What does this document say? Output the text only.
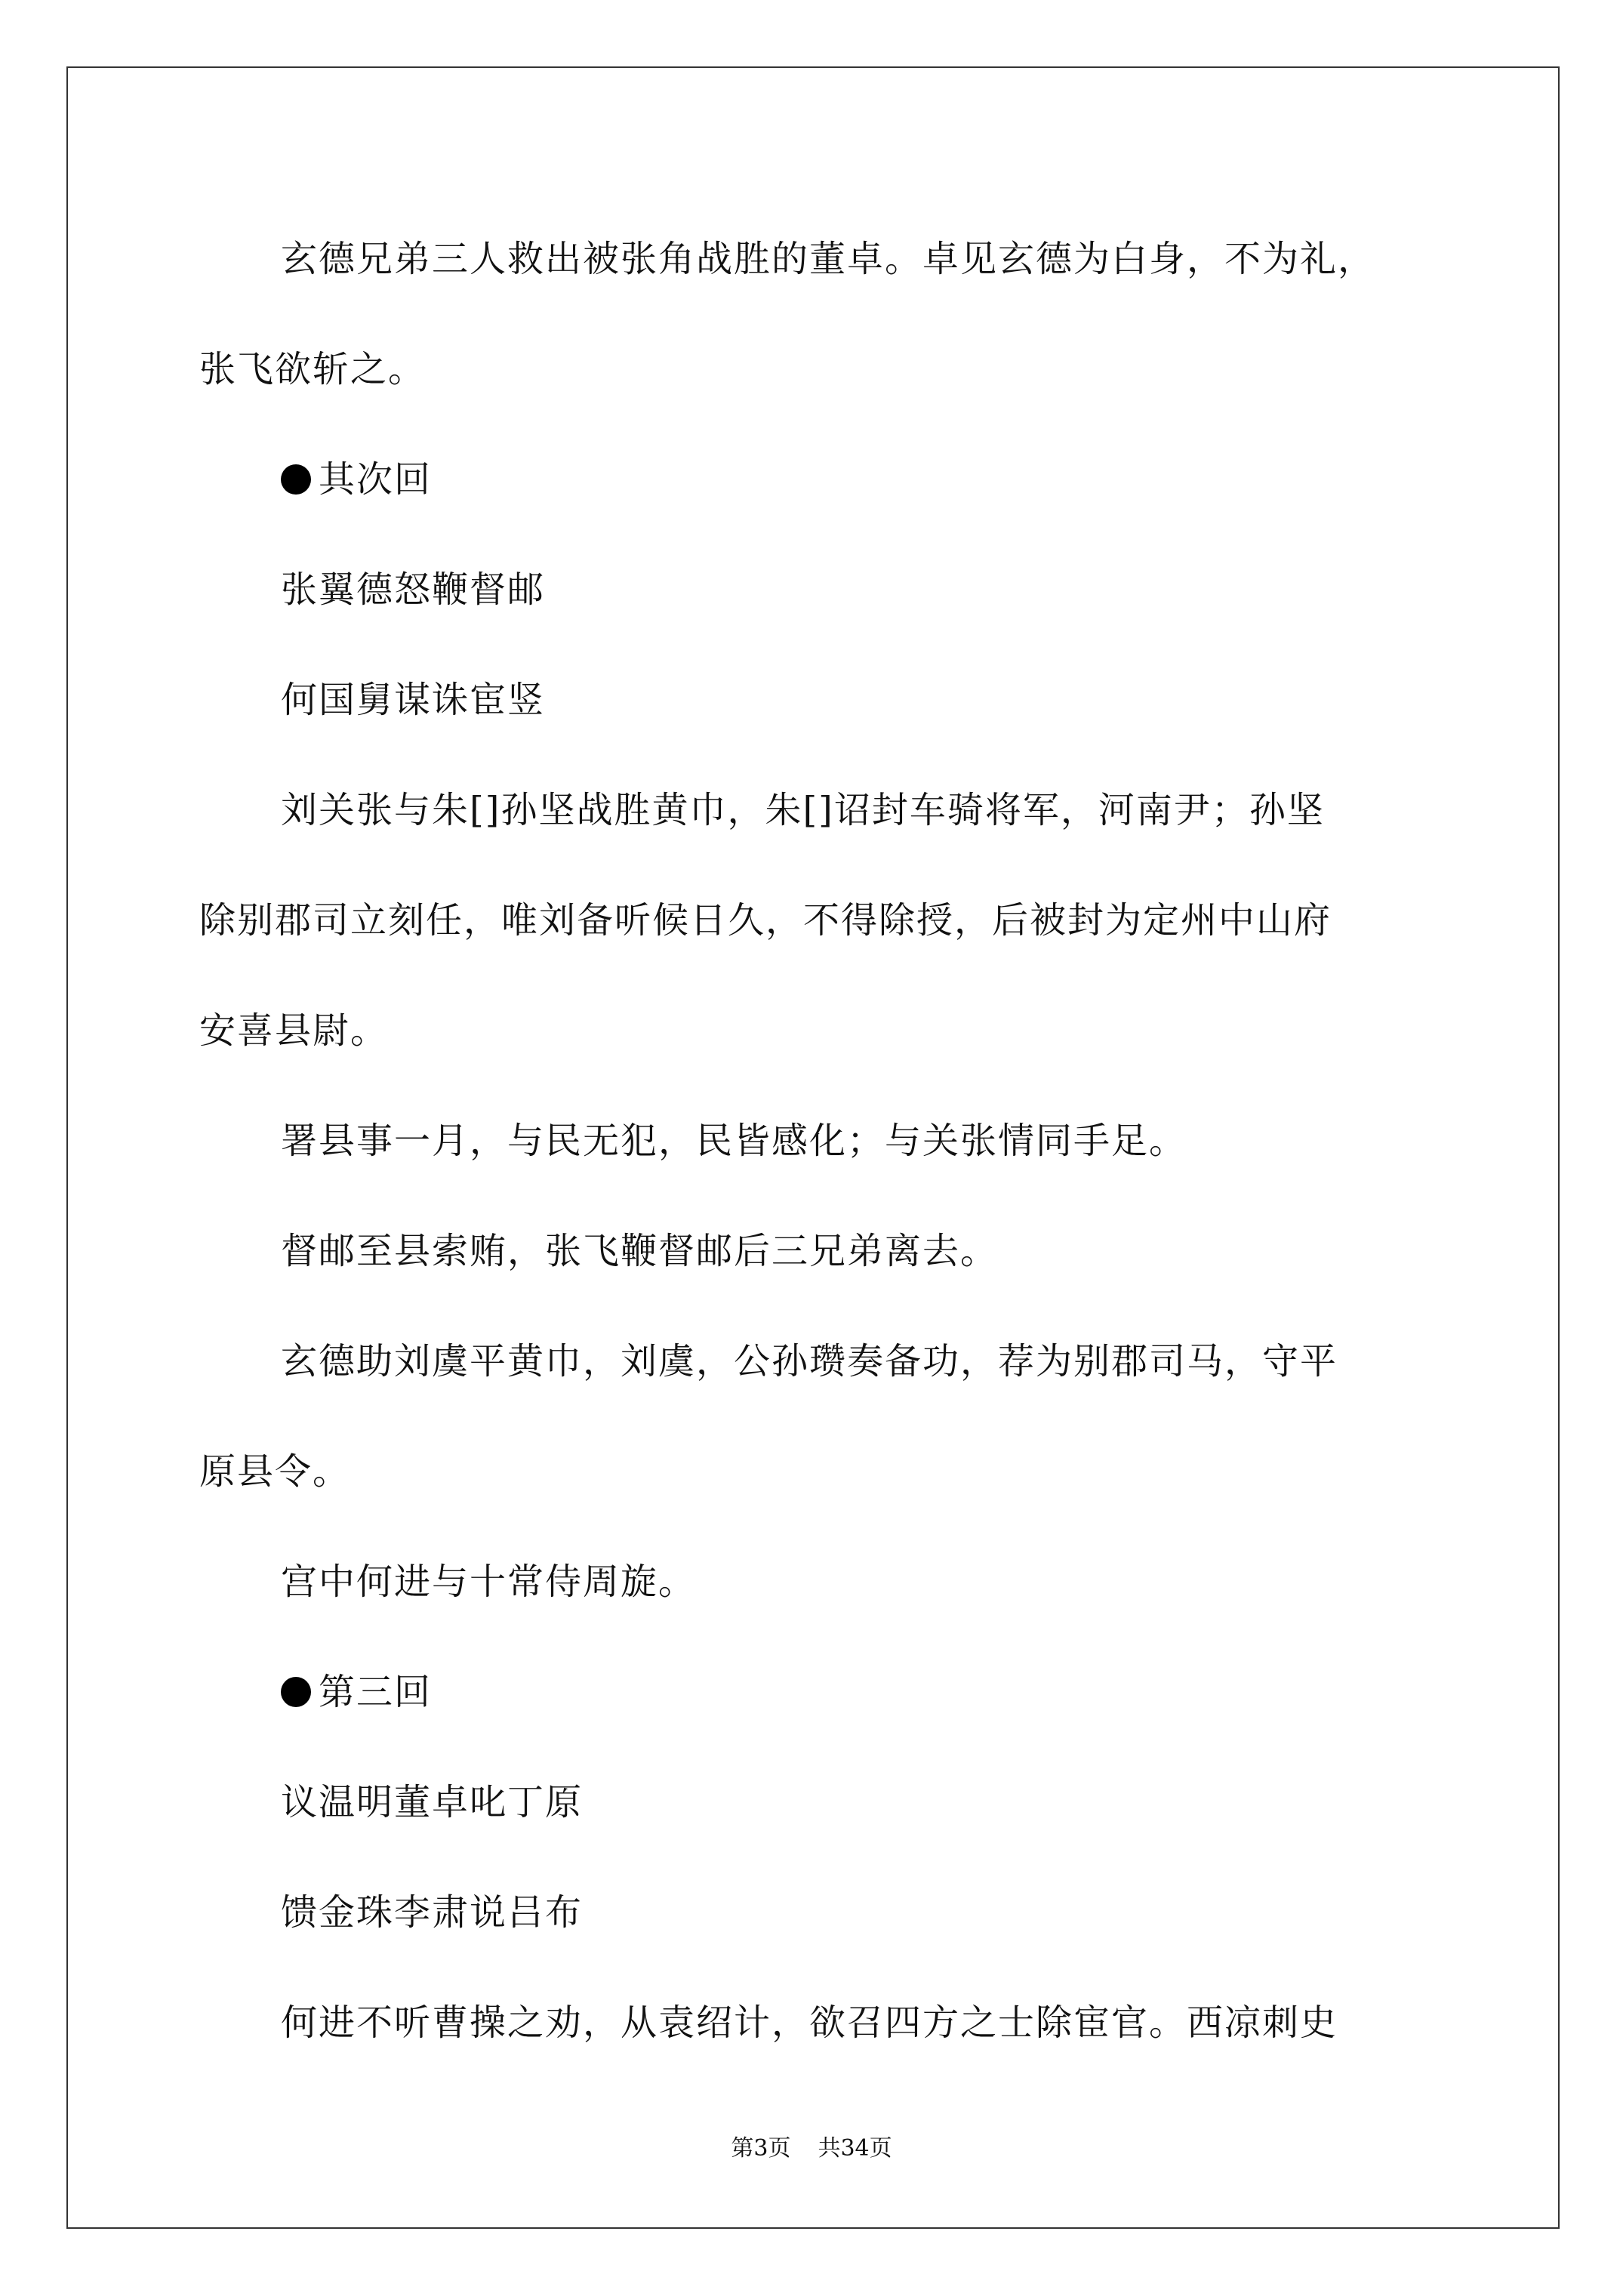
玄德兄弟三人救出被张角战胜的董卓。卓见玄德为白身，不为礼，
张飞欲斩之。
其次回
张翼德怒鞭督邮
何国舅谋诛宦竖
刘关张与朱[]孙坚战胜黄巾，朱[]诏封车骑将军，河南尹；孙坚
除别郡司立刻任，唯刘备听候日久，不得除授，后被封为定州中山府
安喜县尉。
署县事一月，与民无犯，民皆感化；与关张情同手足。
督邮至县索贿，张飞鞭督邮后三兄弟离去。
玄德助刘虞平黄巾，刘虞，公孙瓒奏备功，荐为别郡司马，守平
原县令。
宫中何进与十常侍周旋。
第三回
议温明董卓叱丁原
馈金珠李肃说吕布
何进不听曹操之劝，从袁绍计，欲召四方之士除宦官。西凉刺史
第3页 共34页
